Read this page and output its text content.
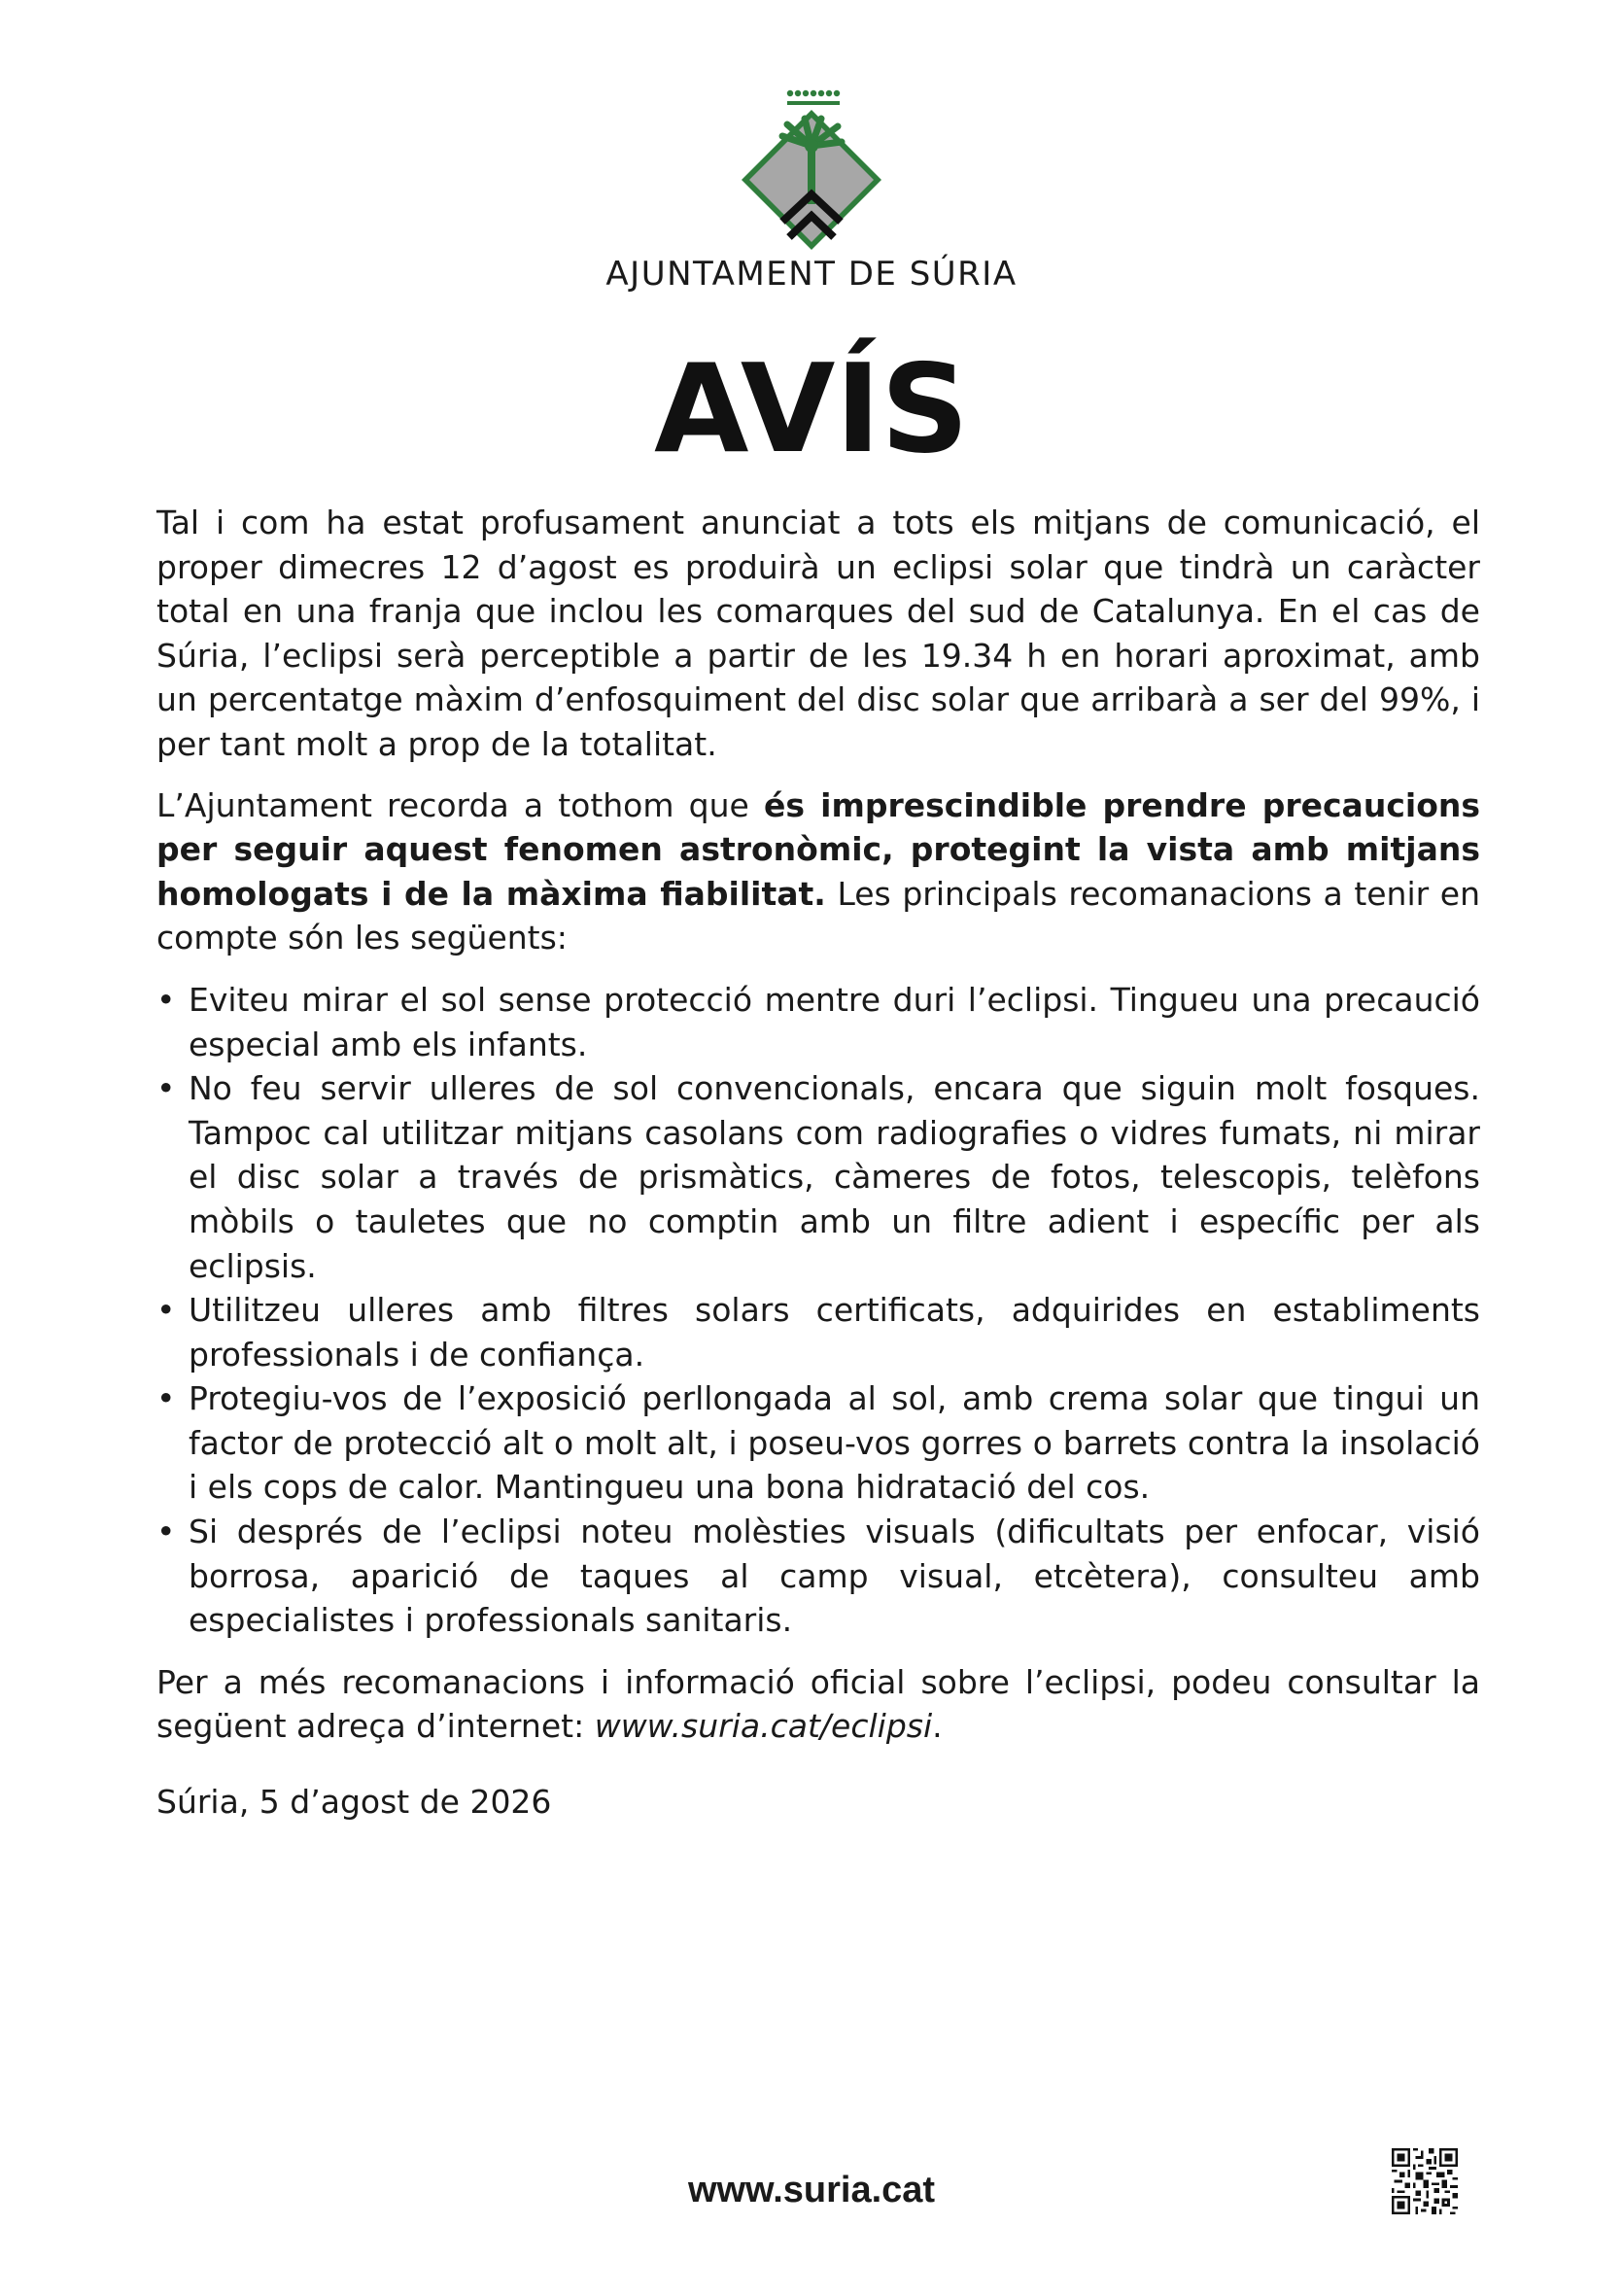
AJUNTAMENT DE SÚRIA
AVÍS

Tal i com ha estat profusament anunciat a tots els mitjans de comunicació, el proper dimecres 12 d’agost es produirà un eclipsi solar que tindrà un caràcter total en una franja que inclou les comarques del sud de Catalunya. En el cas de Súria, l’eclipsi serà perceptible a partir de les 19.34 h en horari aproximat, amb un percentatge màxim d’enfosquiment del disc solar que arribarà a ser del 99%, i per tant molt a prop de la totalitat.

L’Ajuntament recorda a tothom que és imprescindible prendre precaucions per seguir aquest fenomen astronòmic, protegint la vista amb mitjans homologats i de la màxima fiabilitat. Les principals recomanacions a tenir en compte són les següents:

• Eviteu mirar el sol sense protecció mentre duri l’eclipsi. Tingueu una precaució especial amb els infants.
• No feu servir ulleres de sol convencionals, encara que siguin molt fosques. Tampoc cal utilitzar mitjans casolans com radiografies o vidres fumats, ni mirar el disc solar a través de prismàtics, càmeres de fotos, telescopis, telèfons mòbils o tauletes que no comptin amb un filtre adient i específic per als eclipsis.
• Utilitzeu ulleres amb filtres solars certificats, adquirides en establiments professionals i de confiança.
• Protegiu-vos de l’exposició perllongada al sol, amb crema solar que tingui un factor de protecció alt o molt alt, i poseu-vos gorres o barrets contra la insolació i els cops de calor. Mantingueu una bona hidratació del cos.
• Si després de l’eclipsi noteu molèsties visuals (dificultats per enfocar, visió borrosa, aparició de taques al camp visual, etcètera), consulteu amb especialistes i professionals sanitaris.

Per a més recomanacions i informació oficial sobre l’eclipsi, podeu consultar la següent adreça d’internet: www.suria.cat/eclipsi.

Súria, 5 d’agost de 2026

www.suria.cat
